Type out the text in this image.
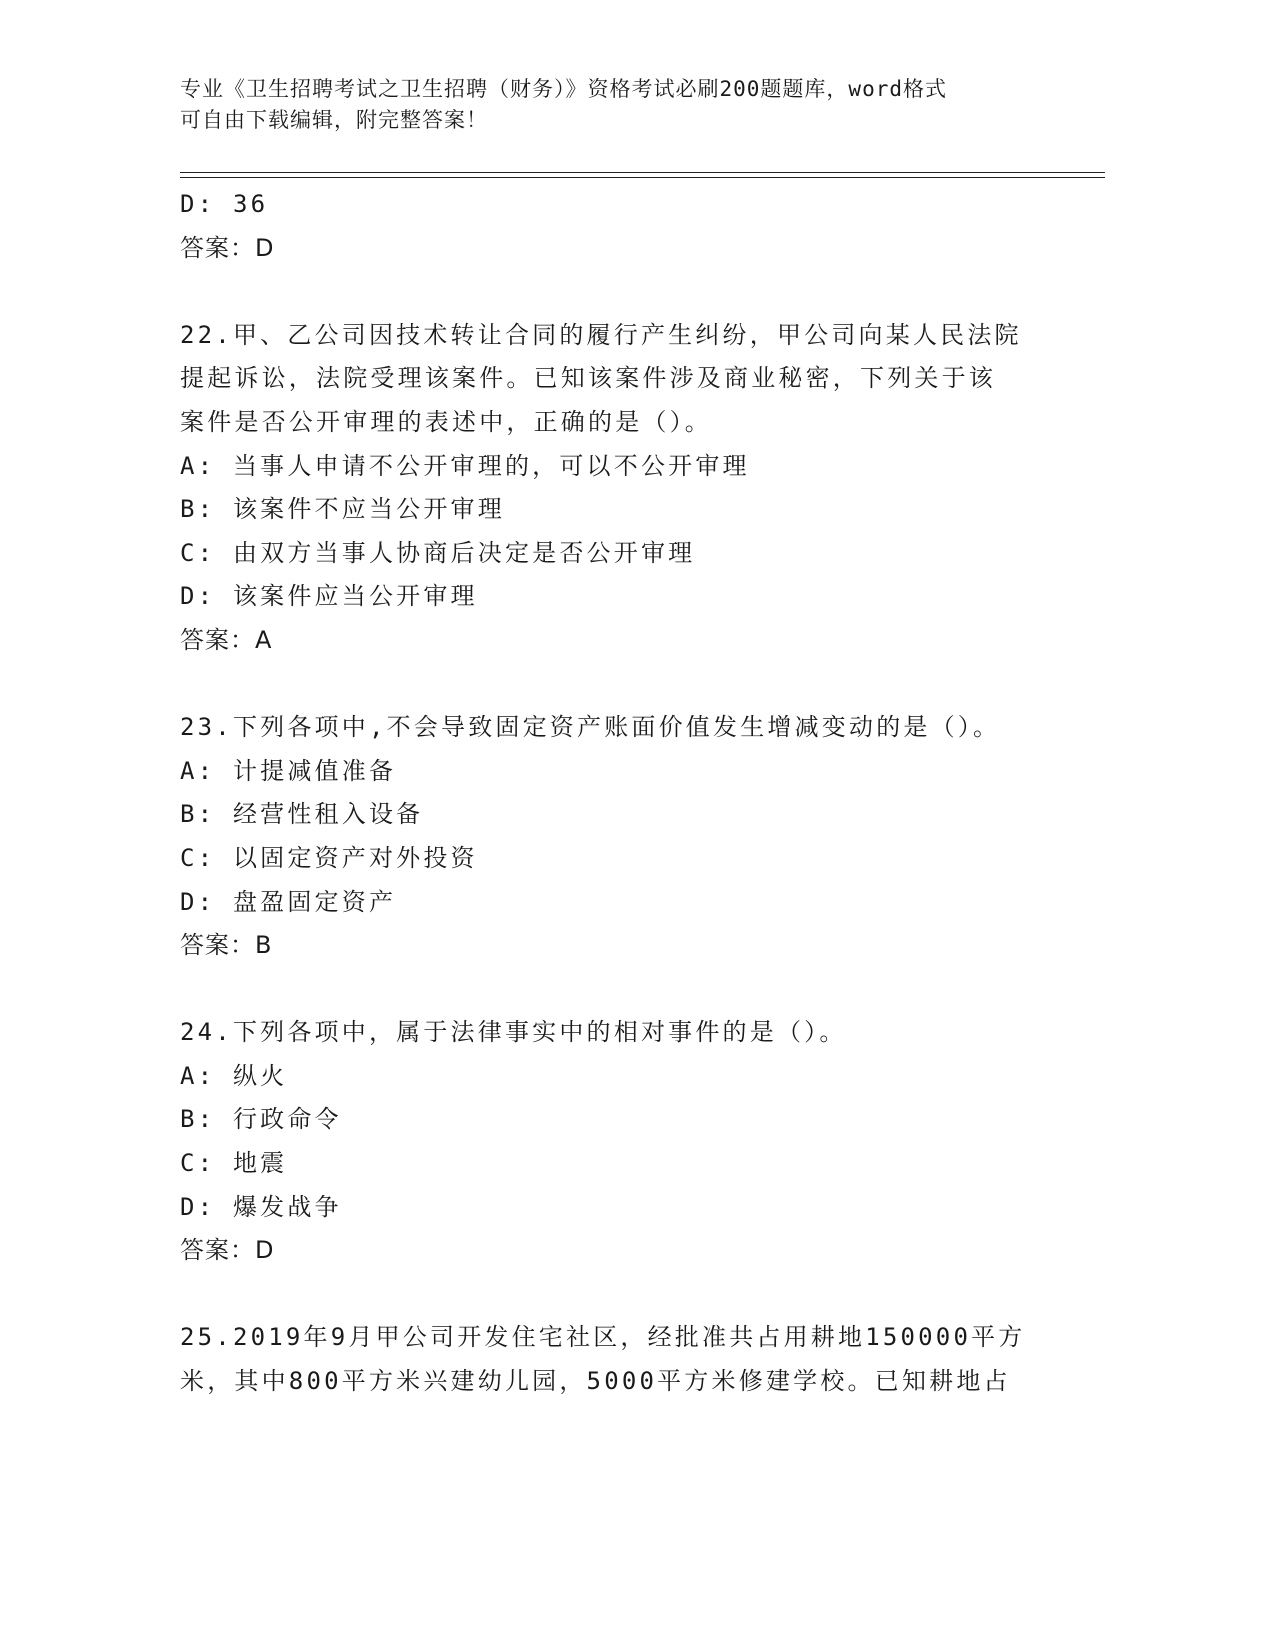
专业《卫生招聘考试之卫生招聘（财务）》资格考试必刷200题题库，word格式
可自由下载编辑，附完整答案！
D: 36
答案：D
22.甲、乙公司因技术转让合同的履行产生纠纷，甲公司向某人民法院
提起诉讼，法院受理该案件。已知该案件涉及商业秘密，下列关于该
案件是否公开审理的表述中，正确的是（）。
A: 当事人申请不公开审理的，可以不公开审理
B: 该案件不应当公开审理
C: 由双方当事人协商后决定是否公开审理
D: 该案件应当公开审理
答案：A
23.下列各项中,不会导致固定资产账面价值发生增减变动的是（）。
A: 计提减值准备
B: 经营性租入设备
C: 以固定资产对外投资
D: 盘盈固定资产
答案：B
24.下列各项中，属于法律事实中的相对事件的是（）。
A: 纵火
B: 行政命令
C: 地震
D: 爆发战争
答案：D
25.2019年9月甲公司开发住宅社区，经批准共占用耕地150000平方
米，其中800平方米兴建幼儿园，5000平方米修建学校。已知耕地占
